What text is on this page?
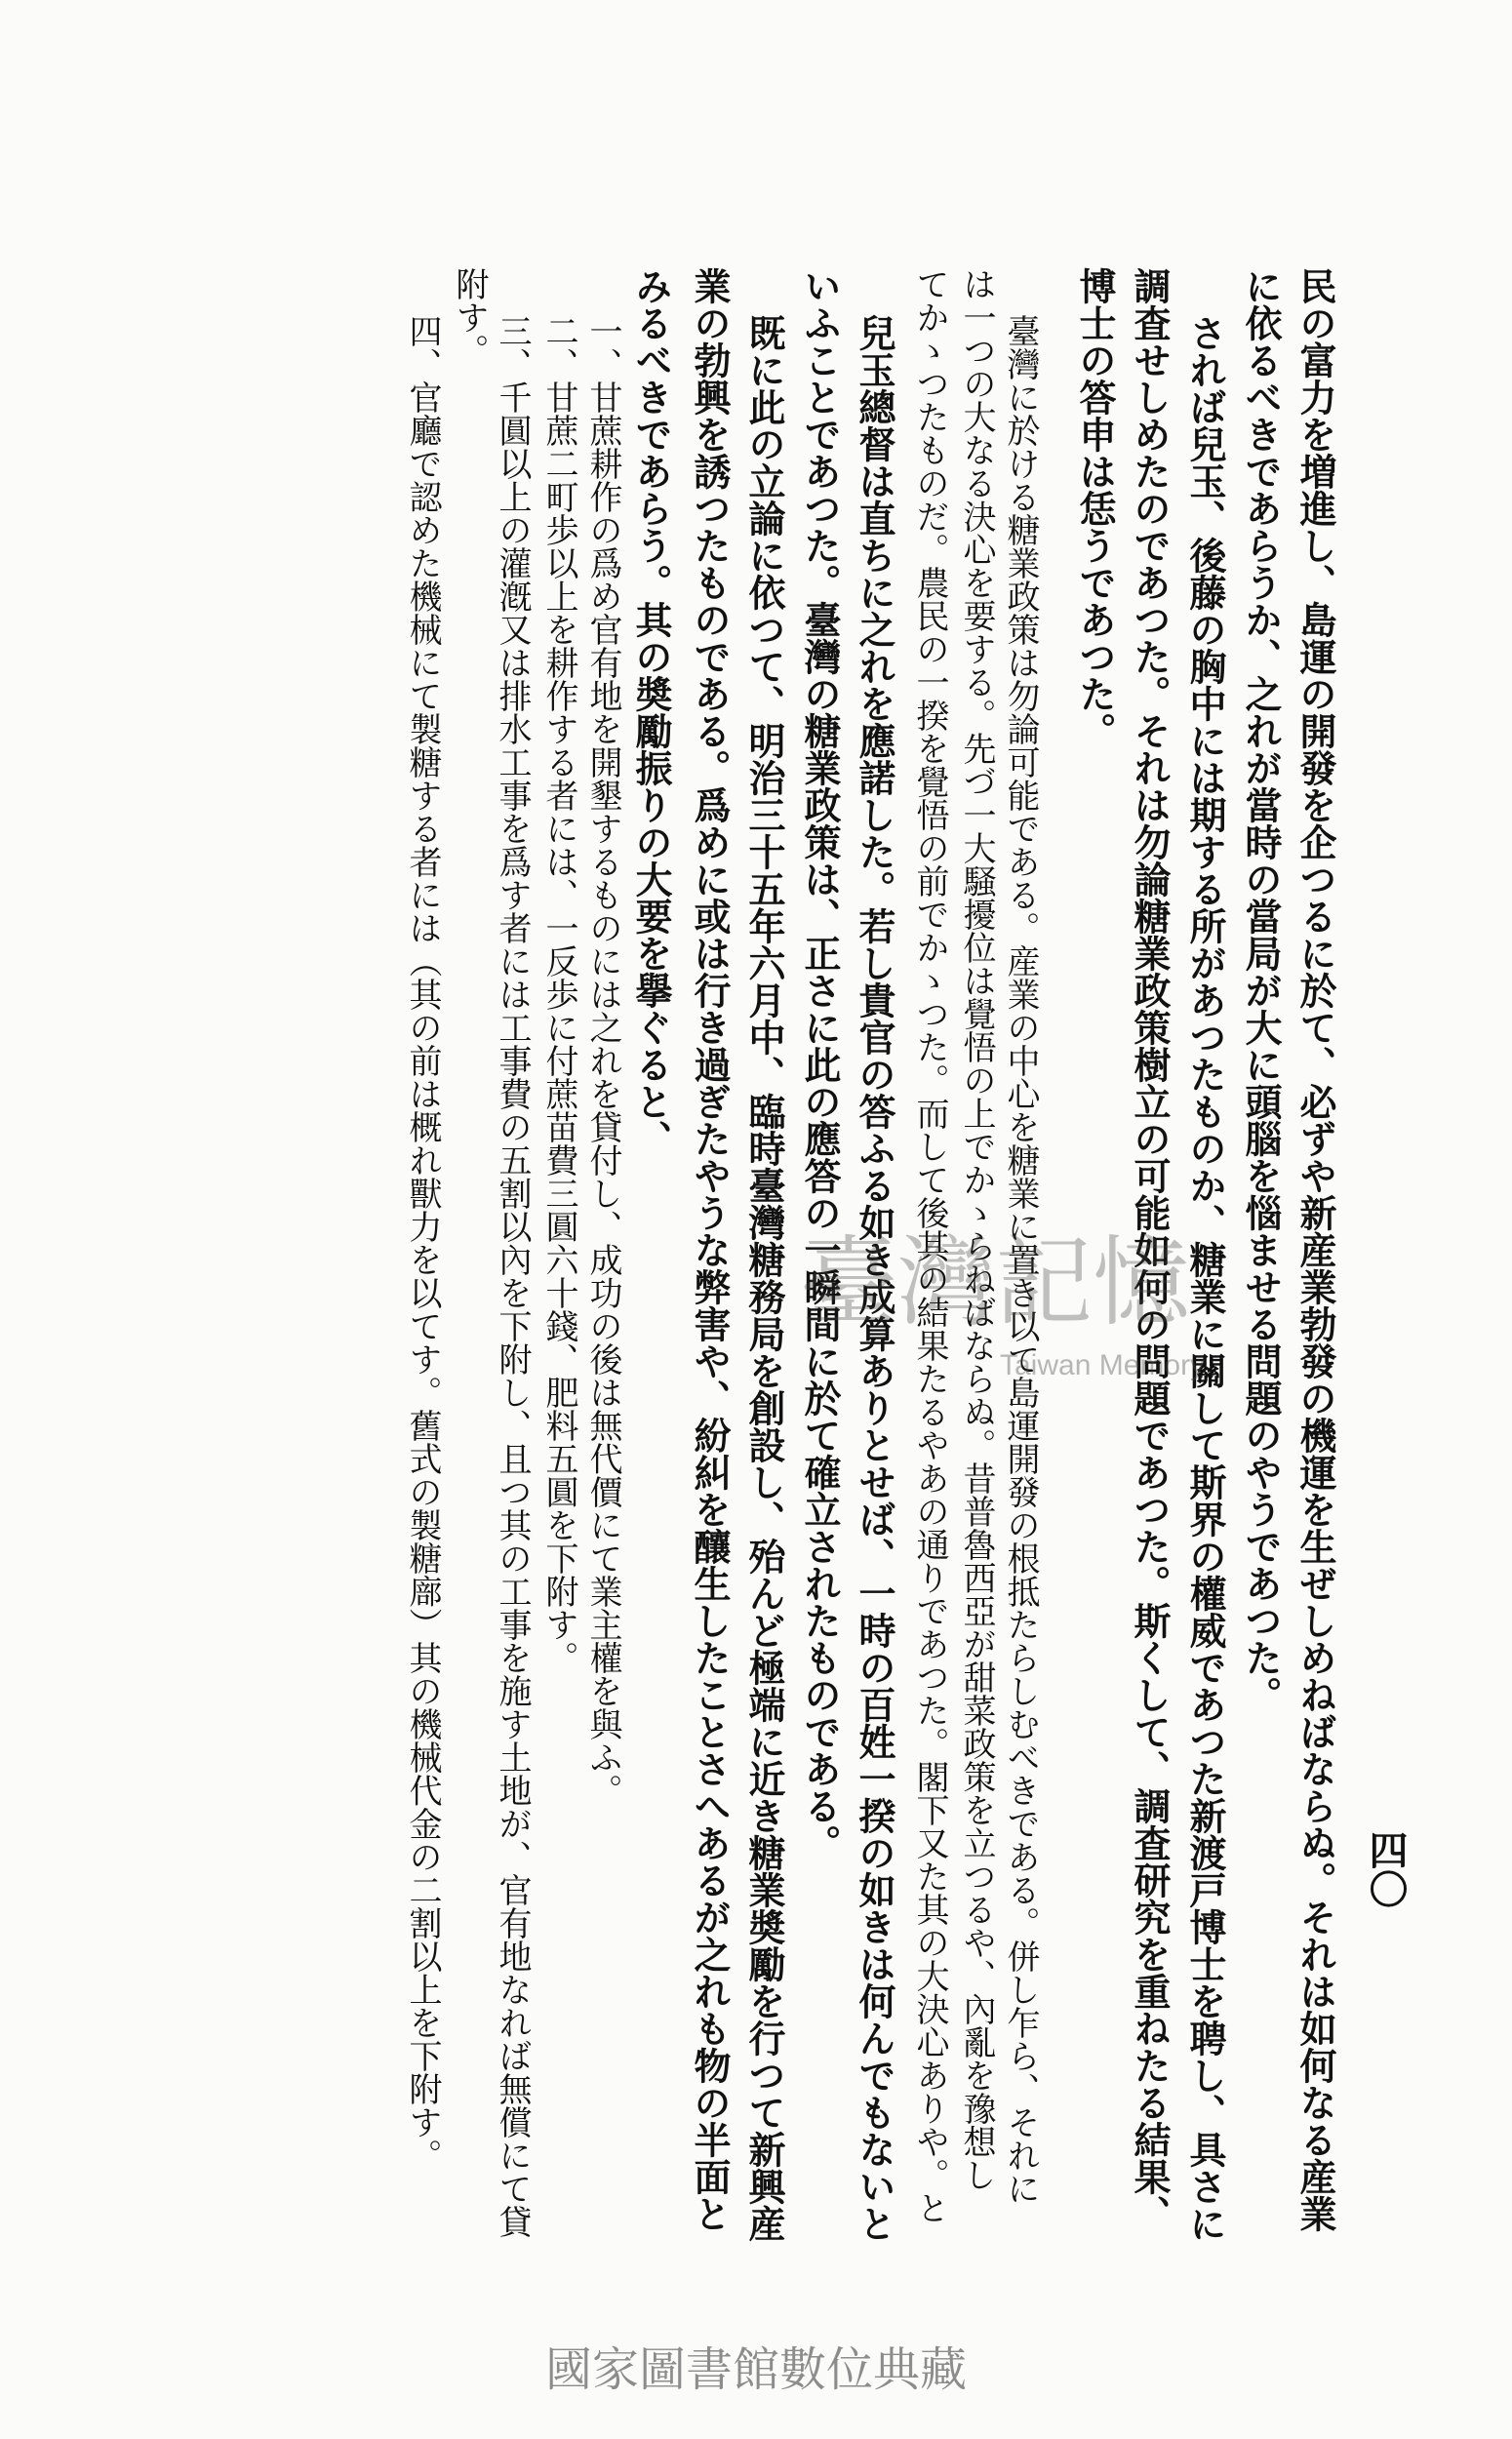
四〇
民の富力を増進し、島運の開發を企つるに於て、必ずや新産業勃發の機運を生ぜしめねばならぬ。それは如何なる産業
に依るべきであらうか、之れが當時の當局が大に頭腦を惱ませる問題のやうであつた。
されば兒玉、後藤の胸中には期する所があつたものか、糖業に關して斯界の權威であつた新渡戸博士を聘し、具さに
調査せしめたのであつた。それは勿論糖業政策樹立の可能如何の問題であつた。斯くして、調査研究を重ねたる結果、
博士の答申は恁うであつた。
臺灣に於ける糖業政策は勿論可能である。産業の中心を糖業に置き以て島運開發の根抵たらしむべきである。併し乍ら、それに
は一つの大なる決心を要する。先づ一大騒擾位は覺悟の上でかゝらねばならぬ。昔普魯西亞が甜菜政策を立つるや、內亂を豫想し
てかゝつたものだ。農民の一揆を覺悟の前でかゝつた。而して後其の結果たるやあの通りであつた。閣下又た其の大決心ありや。と
兒玉總督は直ちに之れを應諾した。若し貴官の答ふる如き成算ありとせば、一時の百姓一揆の如きは何んでもないと
いふことであつた。臺灣の糖業政策は、正さに此の應答の一瞬間に於て確立されたものである。
既に此の立論に依つて、明治三十五年六月中、臨時臺灣糖務局を創設し、殆んど極端に近き糖業奬勵を行つて新興産
業の勃興を誘つたものである。爲めに或は行き過ぎたやうな弊害や、紛糾を釀生したことさへあるが之れも物の半面と
みるべきであらう。其の奬勵振りの大要を擧ぐると、
一、甘蔗耕作の爲め官有地を開墾するものには之れを貸付し、成功の後は無代價にて業主權を與ふ。
二、甘蔗二町歩以上を耕作する者には、一反歩に付蔗苗費三圓六十錢、肥料五圓を下附す。
三、千圓以上の灌漑又は排水工事を爲す者には工事費の五割以內を下附し、且つ其の工事を施す土地が、官有地なれば無償にて貸
附す。
四、官廳で認めた機械にて製糖する者には（其の前は概れ獸力を以てす。舊式の製糖廍）其の機械代金の二割以上を下附す。	臺灣記憶
Taiwan Memory
國家圖書館數位典藏
